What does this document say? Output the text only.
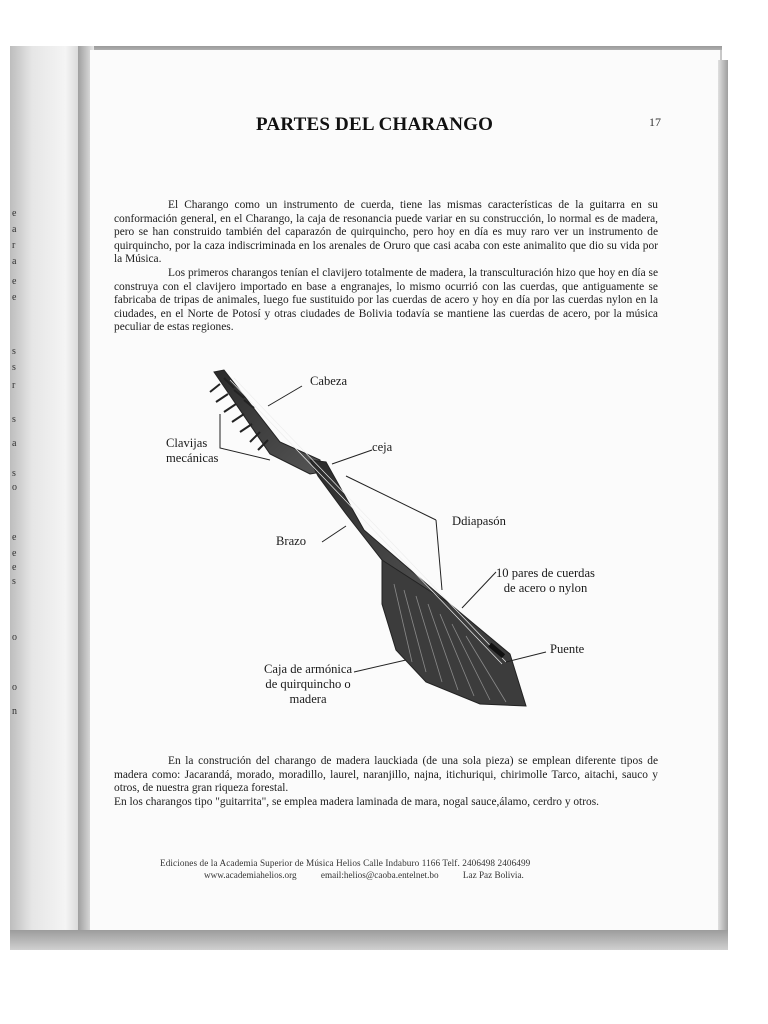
e
a
r
a
e
e
s
s
r
s
a
s
o
e
e
e
s
o
o
n
PARTES DEL CHARANGO	17

El Charango como un instrumento de cuerda, tiene las mismas características de la guitarra en su conformación general, en el Charango, la caja de resonancia puede variar en su construcción, lo normal es de madera, pero se han construido también del caparazón de quirquincho, pero hoy en día es muy raro ver un instrumento de quirquincho, por la caza indiscriminada en los arenales de Oruro que casi acaba con este animalito que dio su vida por la Música.

Los primeros charangos tenían el clavijero totalmente de madera, la transculturación hizo que hoy en día se construya con el clavijero importado en base a engranajes, lo mismo ocurrió con las cuerdas, que antiguamente se fabricaba de tripas de animales, luego fue sustituido por las cuerdas de acero y hoy en día por las cuerdas nylon en la ciudades, en el Norte de Potosí y otras ciudades de Bolivia todavía se mantiene las cuerdas de acero, por la música peculiar de estas regiones.

Cabeza
Clavijas
mecánicas
ceja
Ddiapasón
Brazo
10 pares de cuerdas
de acero o nylon
Puente
Caja de armónica
de quirquincho o
madera

En la construción del charango de madera lauckiada (de una sola pieza) se emplean diferente tipos de madera como: Jacarandá, morado, moradillo, laurel, naranjillo, najna, itichuriqui, chirimolle Tarco, aitachi, sauco y otros, de nuestra gran riqueza forestal.

En los charangos tipo "guitarrita", se emplea madera laminada de mara, nogal sauce,álamo, cerdro y otros.

Ediciones de la Academia Superior de Música Helios Calle Indaburo 1166 Telf. 2406498 2406499
www.academiahelios.org	email:helios@caoba.entelnet.bo	Laz Paz Bolivia.
